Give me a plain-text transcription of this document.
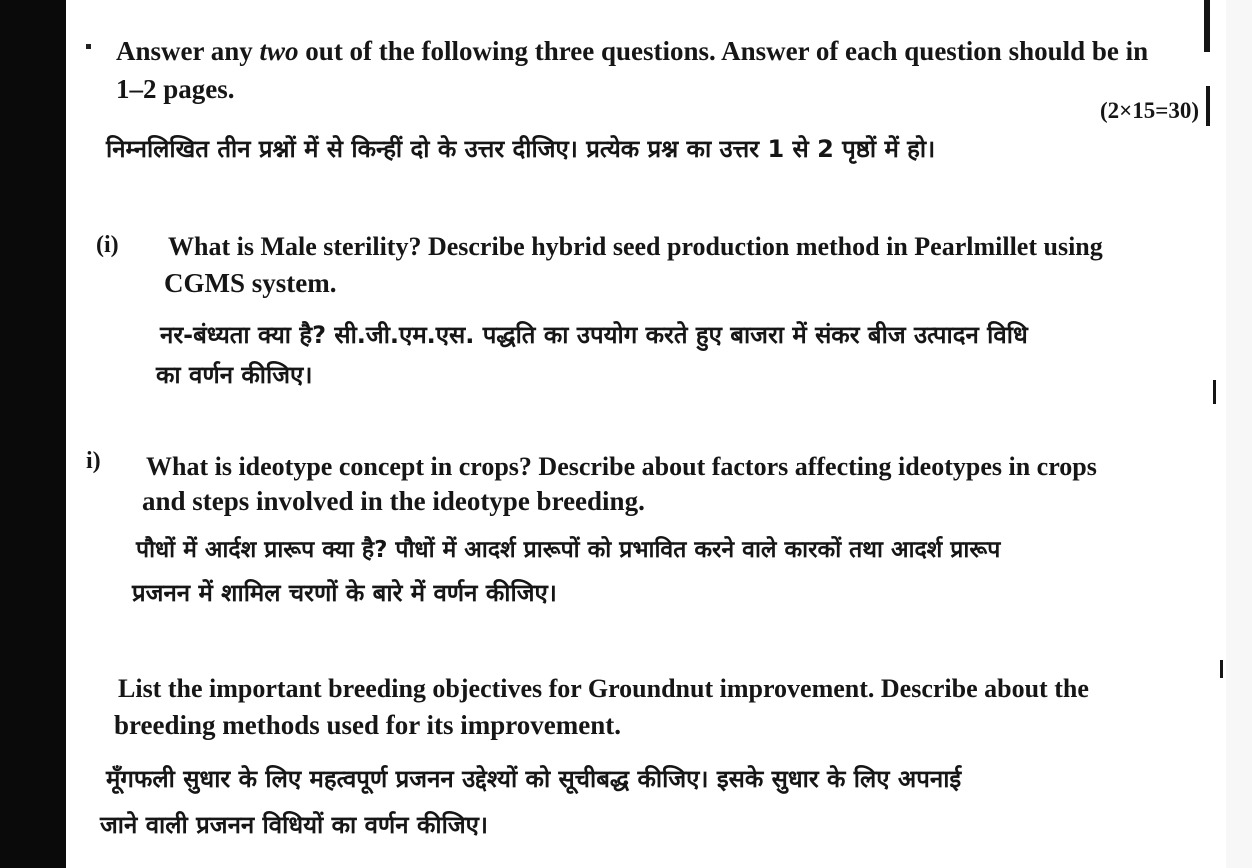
Answer any two out of the following three questions. Answer of each question should be in
1–2 pages.
(2×15=30)
निम्नलिखित तीन प्रश्नों में से किन्हीं दो के उत्तर दीजिए। प्रत्येक प्रश्न का उत्तर 1 से 2 पृष्ठों में हो।
(i) What is Male sterility? Describe hybrid seed production method in Pearlmillet using
CGMS system.
नर-बंध्यता क्या है? सी.जी.एम.एस. पद्धति का उपयोग करते हुए बाजरा में संकर बीज उत्पादन विधि
का वर्णन कीजिए।
i) What is ideotype concept in crops? Describe about factors affecting ideotypes in crops
and steps involved in the ideotype breeding.
पौधों में आर्दश प्रारूप क्या है? पौधों में आदर्श प्रारूपों को प्रभावित करने वाले कारकों तथा आदर्श प्रारूप
प्रजनन में शामिल चरणों के बारे में वर्णन कीजिए।
List the important breeding objectives for Groundnut improvement. Describe about the
breeding methods used for its improvement.
मूँगफली सुधार के लिए महत्वपूर्ण प्रजनन उद्देश्यों को सूचीबद्ध कीजिए। इसके सुधार के लिए अपनाई
जाने वाली प्रजनन विधियों का वर्णन कीजिए।
